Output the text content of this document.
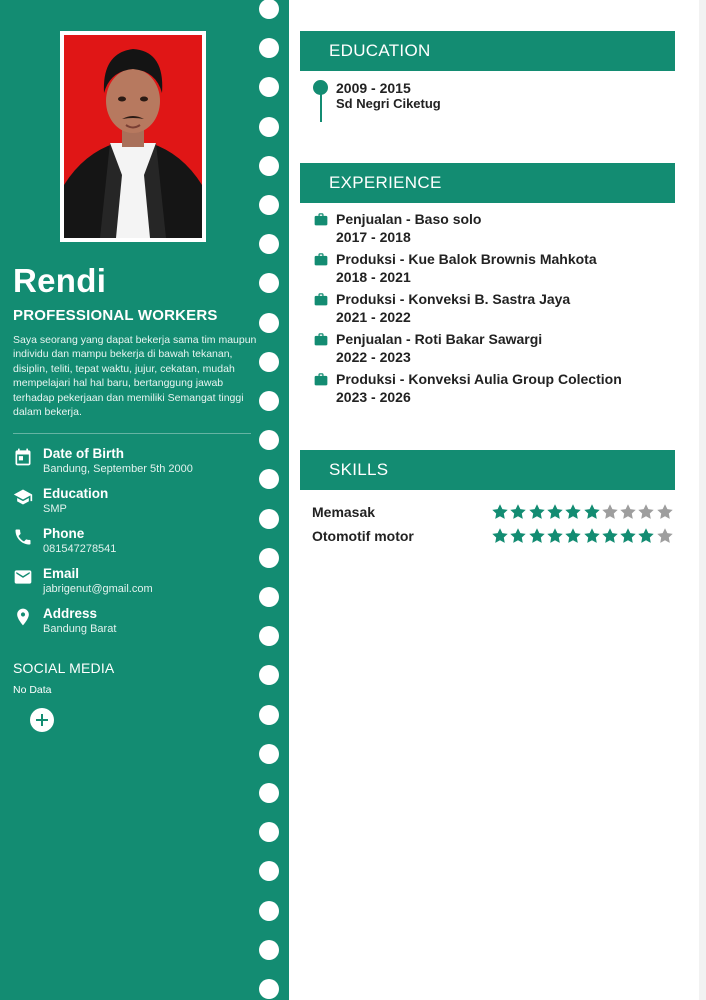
Rendi
PROFESSIONAL WORKERS
Saya seorang yang dapat bekerja sama tim maupun individu dan mampu bekerja di bawah tekanan, disiplin, teliti, tepat waktu, jujur, cekatan, mudah mempelajari hal hal baru, bertanggung jawab terhadap pekerjaan dan memiliki Semangat tinggi dalam bekerja.
Date of Birth
Bandung, September 5th 2000
Education
SMP
Phone
081547278541
Email
jabrigenut@gmail.com
Address
Bandung Barat
SOCIAL MEDIA
No Data
EDUCATION
2009 - 2015
Sd Negri Ciketug
EXPERIENCE
Penjualan - Baso solo
2017 - 2018
Produksi - Kue Balok Brownis Mahkota
2018 - 2021
Produksi - Konveksi B. Sastra Jaya
2021 - 2022
Penjualan - Roti Bakar Sawargi
2022 - 2023
Produksi - Konveksi Aulia Group Colection
2023 - 2026
SKILLS
Memasak
Otomotif motor
